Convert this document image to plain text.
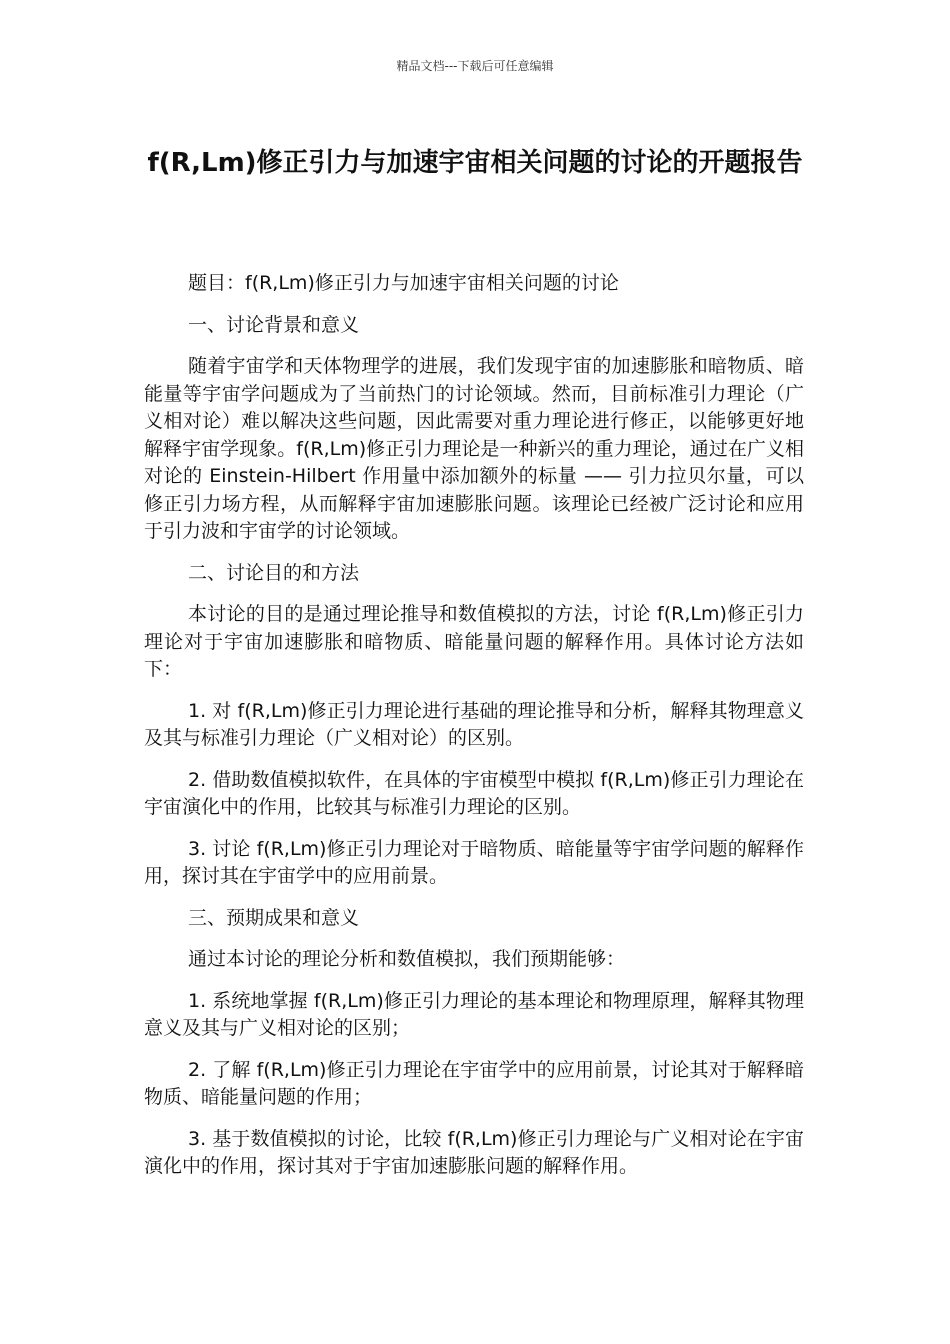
精品文档---下载后可任意编辑
f(R,Lm)修正引力与加速宇宙相关问题的讨论的开题报告

题目：f(R,Lm)修正引力与加速宇宙相关问题的讨论

一、讨论背景和意义

随着宇宙学和天体物理学的进展，我们发现宇宙的加速膨胀和暗物质、暗能量等宇宙学问题成为了当前热门的讨论领域。然而，目前标准引力理论（广义相对论）难以解决这些问题，因此需要对重力理论进行修正，以能够更好地解释宇宙学现象。f(R,Lm)修正引力理论是一种新兴的重力理论，通过在广义相对论的 Einstein-Hilbert 作用量中添加额外的标量 —— 引力拉贝尔量，可以修正引力场方程，从而解释宇宙加速膨胀问题。该理论已经被广泛讨论和应用于引力波和宇宙学的讨论领域。

二、讨论目的和方法

本讨论的目的是通过理论推导和数值模拟的方法，讨论 f(R,Lm)修正引力理论对于宇宙加速膨胀和暗物质、暗能量问题的解释作用。具体讨论方法如下：

1. 对 f(R,Lm)修正引力理论进行基础的理论推导和分析，解释其物理意义及其与标准引力理论（广义相对论）的区别。

2. 借助数值模拟软件，在具体的宇宙模型中模拟 f(R,Lm)修正引力理论在宇宙演化中的作用，比较其与标准引力理论的区别。

3. 讨论 f(R,Lm)修正引力理论对于暗物质、暗能量等宇宙学问题的解释作用，探讨其在宇宙学中的应用前景。

三、预期成果和意义

通过本讨论的理论分析和数值模拟，我们预期能够：

1. 系统地掌握 f(R,Lm)修正引力理论的基本理论和物理原理，解释其物理意义及其与广义相对论的区别；

2. 了解 f(R,Lm)修正引力理论在宇宙学中的应用前景，讨论其对于解释暗物质、暗能量问题的作用；

3. 基于数值模拟的讨论，比较 f(R,Lm)修正引力理论与广义相对论在宇宙演化中的作用，探讨其对于宇宙加速膨胀问题的解释作用。
